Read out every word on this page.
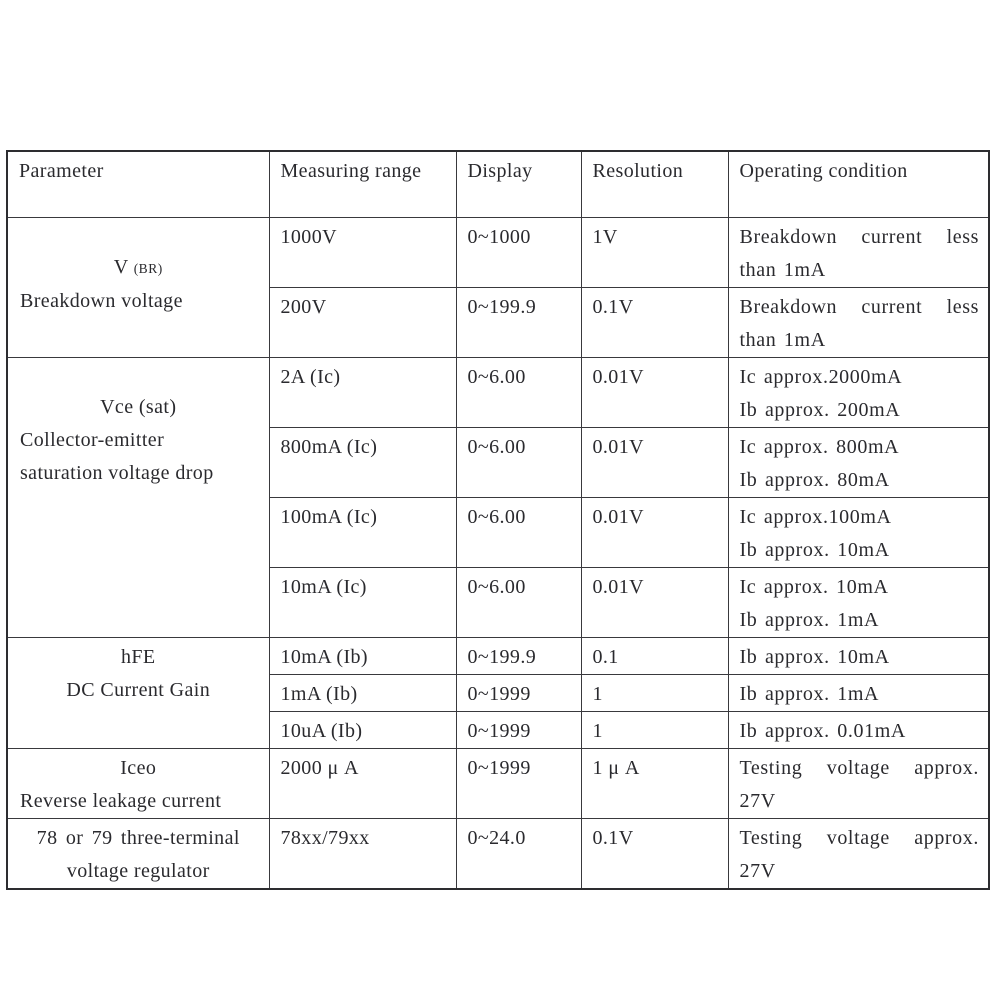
Parameter	Measuring range	Display	Resolution	Operating condition

V (BR)
Breakdown voltage
	1000V	0~1000	1V	Breakdown current less
than 1mA

	200V	0~199.9	0.1V	Breakdown current less
than 1mA

Vce (sat)
Collector-emitter
saturation voltage drop
	2A (Ic)	0~6.00	0.01V	Ic approx.2000mA
Ib approx. 200mA

	800mA (Ic)	0~6.00	0.01V	Ic approx. 800mA
Ib approx. 80mA

	100mA (Ic)	0~6.00	0.01V	Ic approx.100mA
Ib approx. 10mA

	10mA (Ic)	0~6.00	0.01V	Ic approx. 10mA
Ib approx. 1mA

hFE
DC Current Gain	10mA (Ib)	0~199.9	0.1	Ib approx. 10mA

	1mA (Ib)	0~1999	1	Ib approx. 1mA

	10uA (Ib)	0~1999	1	Ib approx. 0.01mA

Iceo
Reverse leakage current
	2000 μ A	0~1999	1 μ A	Testing voltage approx.
27V

78 or 79 three-terminal
voltage regulator
	78xx/79xx	0~24.0	0.1V	Testing voltage approx.
27V
